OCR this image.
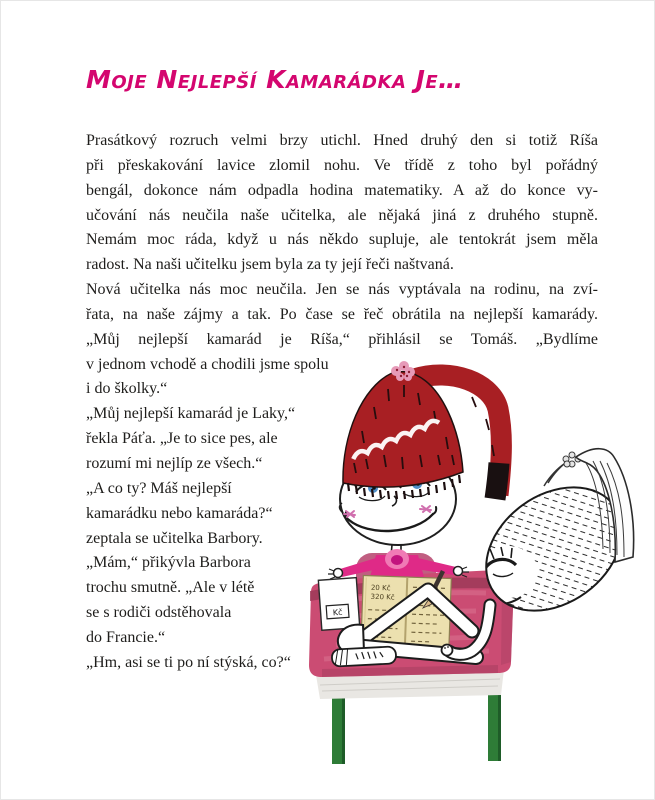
Moje Nejlepší Kamarádka Je…
Prasátkový rozruch velmi brzy utichl. Hned druhý den si totiž Ríša
při přeskakování lavice zlomil nohu. Ve třídě z toho byl pořádný
bengál, dokonce nám odpadla hodina matematiky. A až do konce vy-
učování nás neučila naše učitelka, ale nějaká jiná z druhého stupně.
Nemám moc ráda, když u nás někdo supluje, ale tentokrát jsem měla
radost. Na naši učitelku jsem byla za ty její řeči naštvaná.
Nová učitelka nás moc neučila. Jen se nás vyptávala na rodinu, na zví-
řata, na naše zájmy a tak. Po čase se řeč obrátila na nejlepší kamarády.
„Můj nejlepší kamarád je Ríša,“ přihlásil se Tomáš. „Bydlíme
v jednom vchodě a chodili jsme spolu
i do školky.“
„Můj nejlepší kamarád je Laky,“
řekla Páťa. „Je to sice pes, ale
rozumí mi nejlíp ze všech.“
„A co ty? Máš nejlepší
kamarádku nebo kamaráda?“
zeptala se učitelka Barbory.
„Mám,“ přikývla Barbora
trochu smutně. „Ale v létě
se s rodiči odstěhovala
do Francie.“
„Hm, asi se ti po ní stýská, co?“
Kč
20 Kč
320 Kč
